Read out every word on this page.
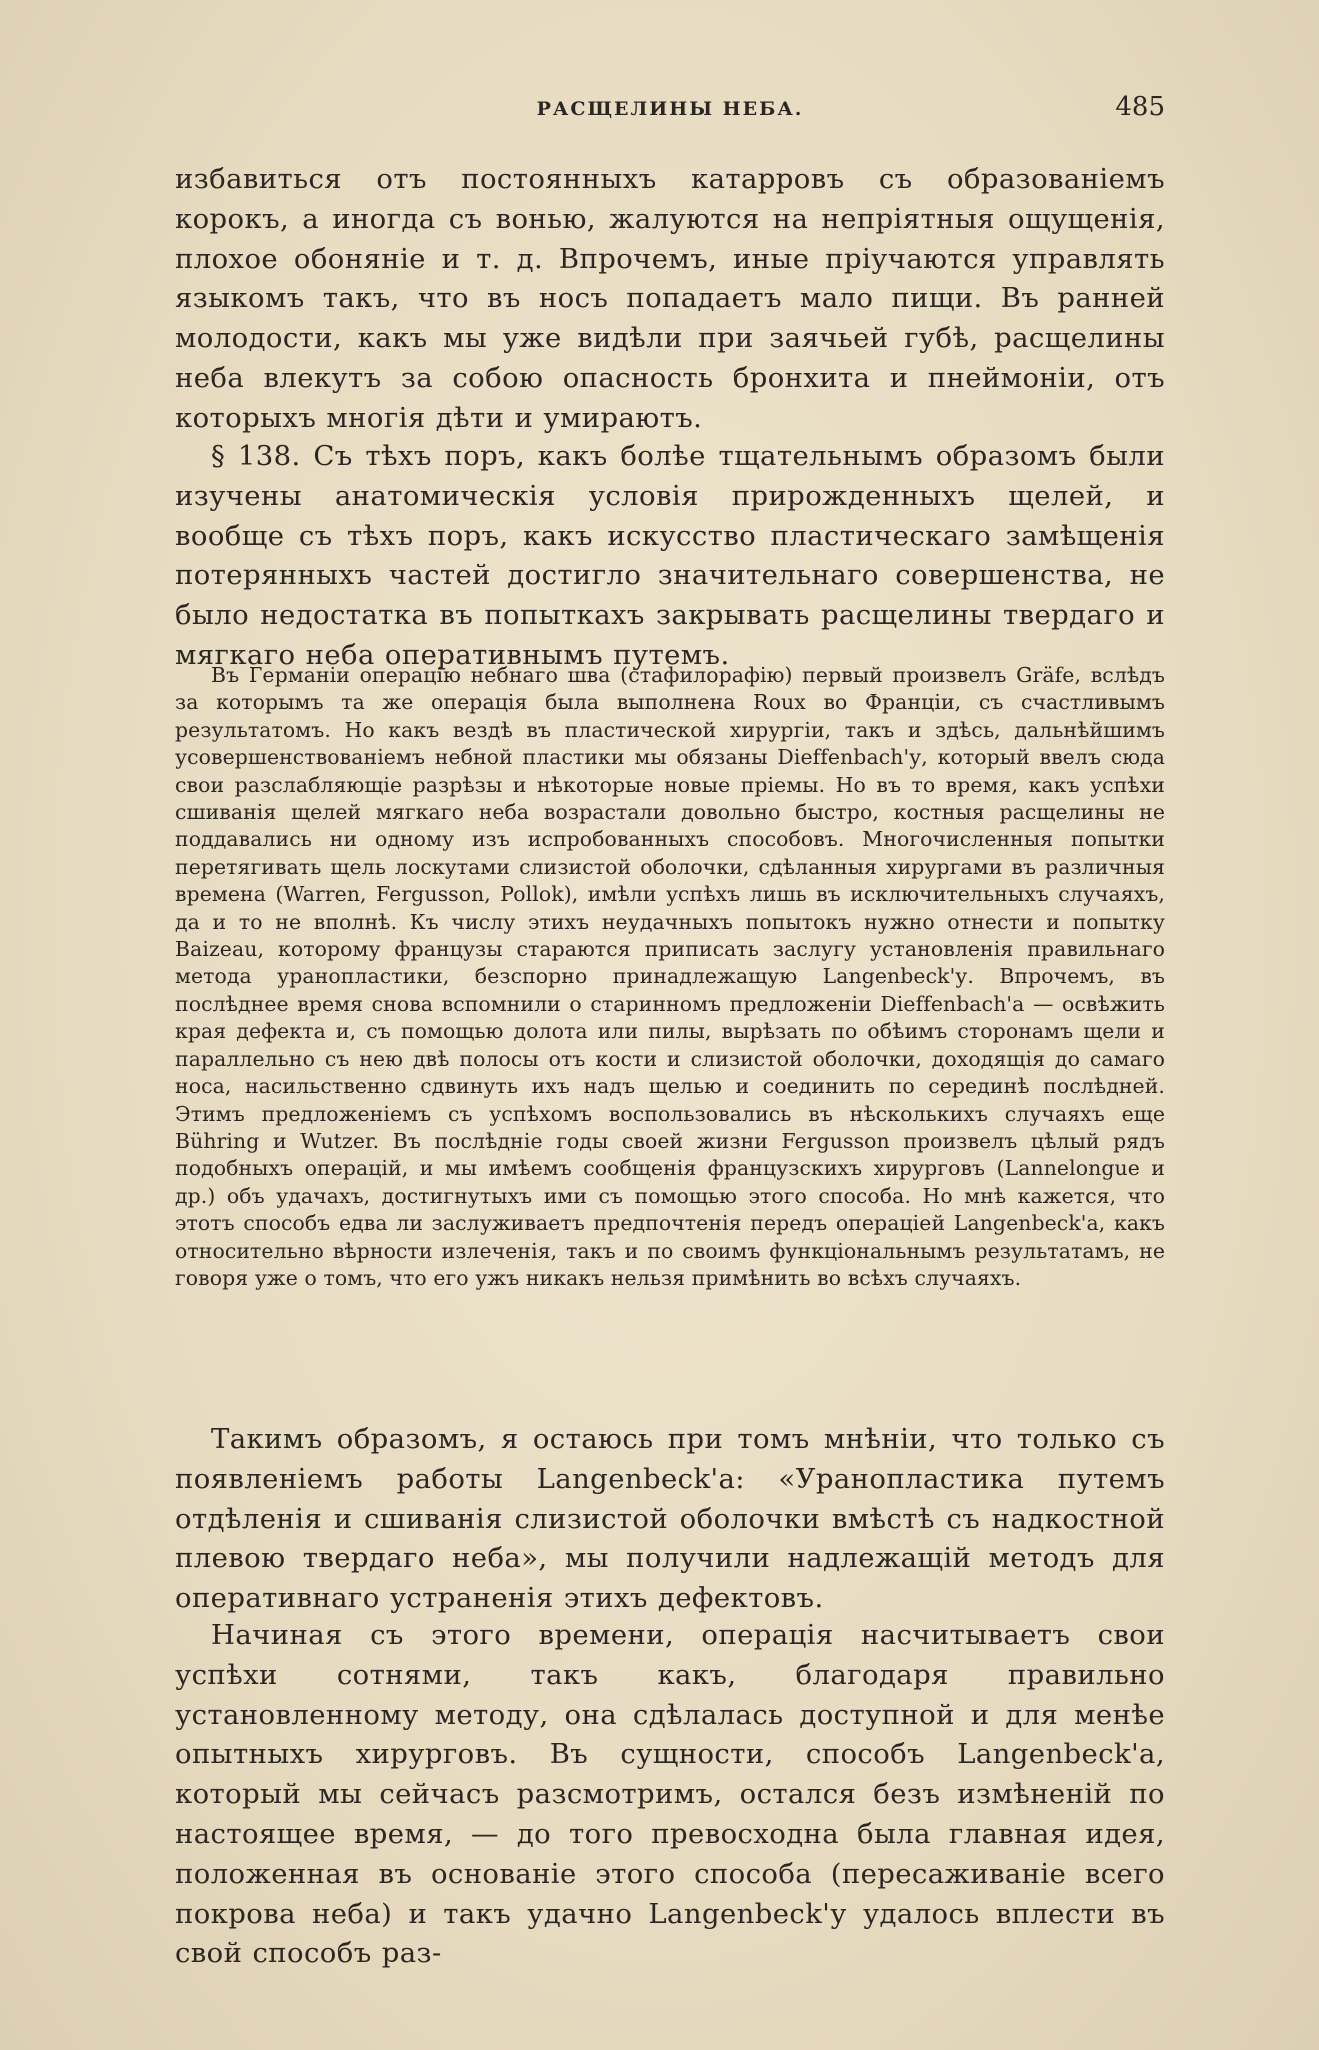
РАСЩЕЛИНЫ НЕБА.	485

избавиться отъ постоянныхъ катарровъ съ образованіемъ корокъ, а иногда съ вонью, жалуются на непріятныя ощущенія, плохое обоняніе и т. д. Впрочемъ, иные пріучаются управлять языкомъ такъ, что въ носъ попадаетъ мало пищи. Въ ранней молодости, какъ мы уже видѣли при заячьей губѣ, расщелины неба влекутъ за собою опасность бронхита и пнеймоніи, отъ которыхъ многія дѣти и умираютъ.

§ 138. Съ тѣхъ поръ, какъ болѣе тщательнымъ образомъ были изучены анатомическія условія прирожденныхъ щелей, и вообще съ тѣхъ поръ, какъ искусство пластическаго замѣщенія потерянныхъ частей достигло значительнаго совершенства, не было недостатка въ попыткахъ закрывать расщелины твердаго и мягкаго неба оперативнымъ путемъ.

Въ Германіи операцію небнаго шва (стафилорафію) первый произвелъ Gräfe, вслѣдъ за которымъ та же операція была выполнена Roux во Франціи, съ счастливымъ результатомъ. Но какъ вездѣ въ пластической хирургіи, такъ и здѣсь, дальнѣйшимъ усовершенствованіемъ небной пластики мы обязаны Dieffenbach'у, который ввелъ сюда свои разслабляющіе разрѣзы и нѣкоторые новые пріемы. Но въ то время, какъ успѣхи сшиванія щелей мягкаго неба возрастали довольно быстро, костныя расщелины не поддавались ни одному изъ испробованныхъ способовъ. Многочисленныя попытки перетягивать щель лоскутами слизистой оболочки, сдѣланныя хирургами въ различныя времена (Warren, Fergusson, Pollok), имѣли успѣхъ лишь въ исключительныхъ случаяхъ, да и то не вполнѣ. Къ числу этихъ неудачныхъ попытокъ нужно отнести и попытку Baizeau, которому французы стараются приписать заслугу установленія правильнаго метода уранопластики, безспорно принадлежащую Langenbeck'у. Впрочемъ, въ послѣднее время снова вспомнили о старинномъ предложеніи Dieffenbach'а — освѣжить края дефекта и, съ помощью долота или пилы, вырѣзать по обѣимъ сторонамъ щели и параллельно съ нею двѣ полосы отъ кости и слизистой оболочки, доходящія до самаго носа, насильственно сдвинуть ихъ надъ щелью и соединить по серединѣ послѣдней. Этимъ предложеніемъ съ успѣхомъ воспользовались въ нѣсколькихъ случаяхъ еще Bühring и Wutzer. Въ послѣдніе годы своей жизни Fergusson произвелъ цѣлый рядъ подобныхъ операцій, и мы имѣемъ сообщенія французскихъ хирурговъ (Lannelongue и др.) объ удачахъ, достигнутыхъ ими съ помощью этого способа. Но мнѣ кажется, что этотъ способъ едва ли заслуживаетъ предпочтенія передъ операціей Langenbeck'а, какъ относительно вѣрности излеченія, такъ и по своимъ функціональнымъ результатамъ, не говоря уже о томъ, что его ужъ никакъ нельзя примѣнить во всѣхъ случаяхъ.

Такимъ образомъ, я остаюсь при томъ мнѣніи, что только съ появленіемъ работы Langenbeck'а: «Уранопластика путемъ отдѣленія и сшиванія слизистой оболочки вмѣстѣ съ надкостной плевою твердаго неба», мы получили надлежащій методъ для оперативнаго устраненія этихъ дефектовъ.

Начиная съ этого времени, операція насчитываетъ свои успѣхи сотнями, такъ какъ, благодаря правильно установленному методу, она сдѣлалась доступной и для менѣе опытныхъ хирурговъ. Въ сущности, способъ Langenbeck'а, который мы сейчасъ разсмотримъ, остался безъ измѣненій по настоящее время, — до того превосходна была главная идея, положенная въ основаніе этого способа (пересаживаніе всего покрова неба) и такъ удачно Langenbeck'у удалось вплести въ свой способъ раз-
